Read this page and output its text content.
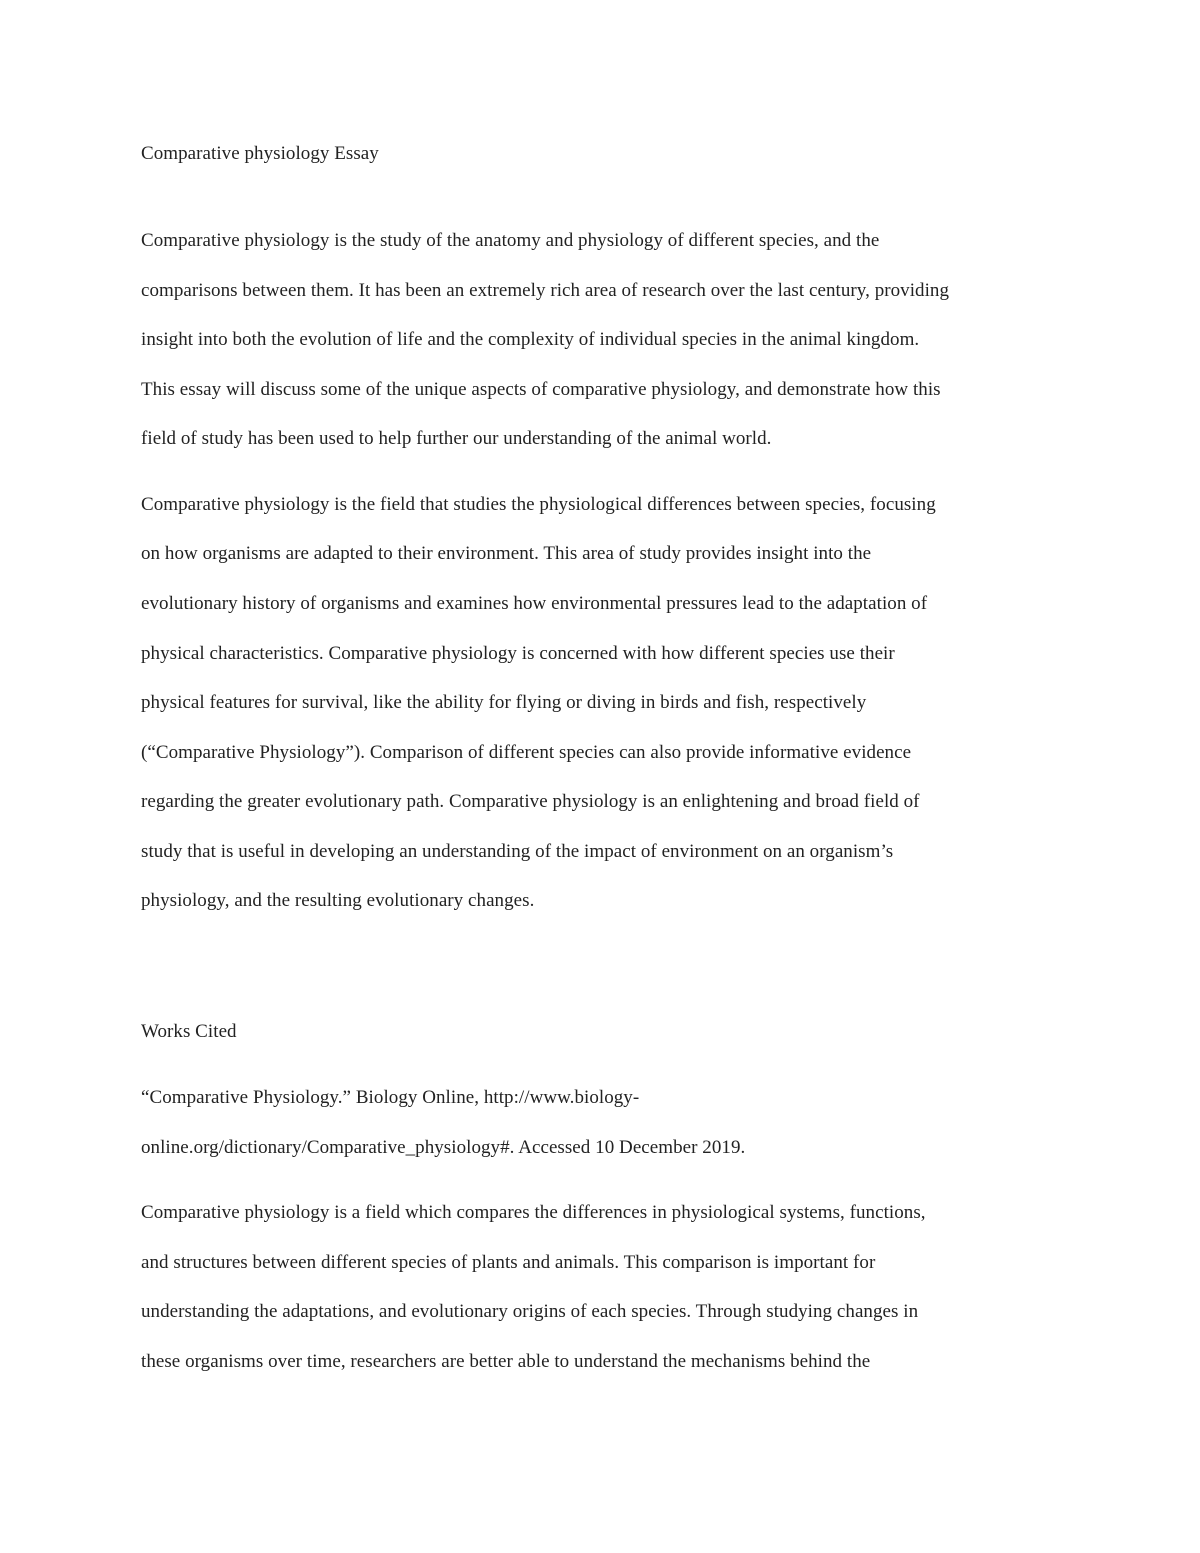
Comparative physiology Essay
Comparative physiology is the study of the anatomy and physiology of different species, and the
comparisons between them. It has been an extremely rich area of research over the last century, providing
insight into both the evolution of life and the complexity of individual species in the animal kingdom.
This essay will discuss some of the unique aspects of comparative physiology, and demonstrate how this
field of study has been used to help further our understanding of the animal world.
Comparative physiology is the field that studies the physiological differences between species, focusing
on how organisms are adapted to their environment. This area of study provides insight into the
evolutionary history of organisms and examines how environmental pressures lead to the adaptation of
physical characteristics. Comparative physiology is concerned with how different species use their
physical features for survival, like the ability for flying or diving in birds and fish, respectively
(“Comparative Physiology”). Comparison of different species can also provide informative evidence
regarding the greater evolutionary path. Comparative physiology is an enlightening and broad field of
study that is useful in developing an understanding of the impact of environment on an organism’s
physiology, and the resulting evolutionary changes.
Works Cited
“Comparative Physiology.” Biology Online, http://www.biology-
online.org/dictionary/Comparative_physiology#. Accessed 10 December 2019.
Comparative physiology is a field which compares the differences in physiological systems, functions,
and structures between different species of plants and animals. This comparison is important for
understanding the adaptations, and evolutionary origins of each species. Through studying changes in
these organisms over time, researchers are better able to understand the mechanisms behind the
